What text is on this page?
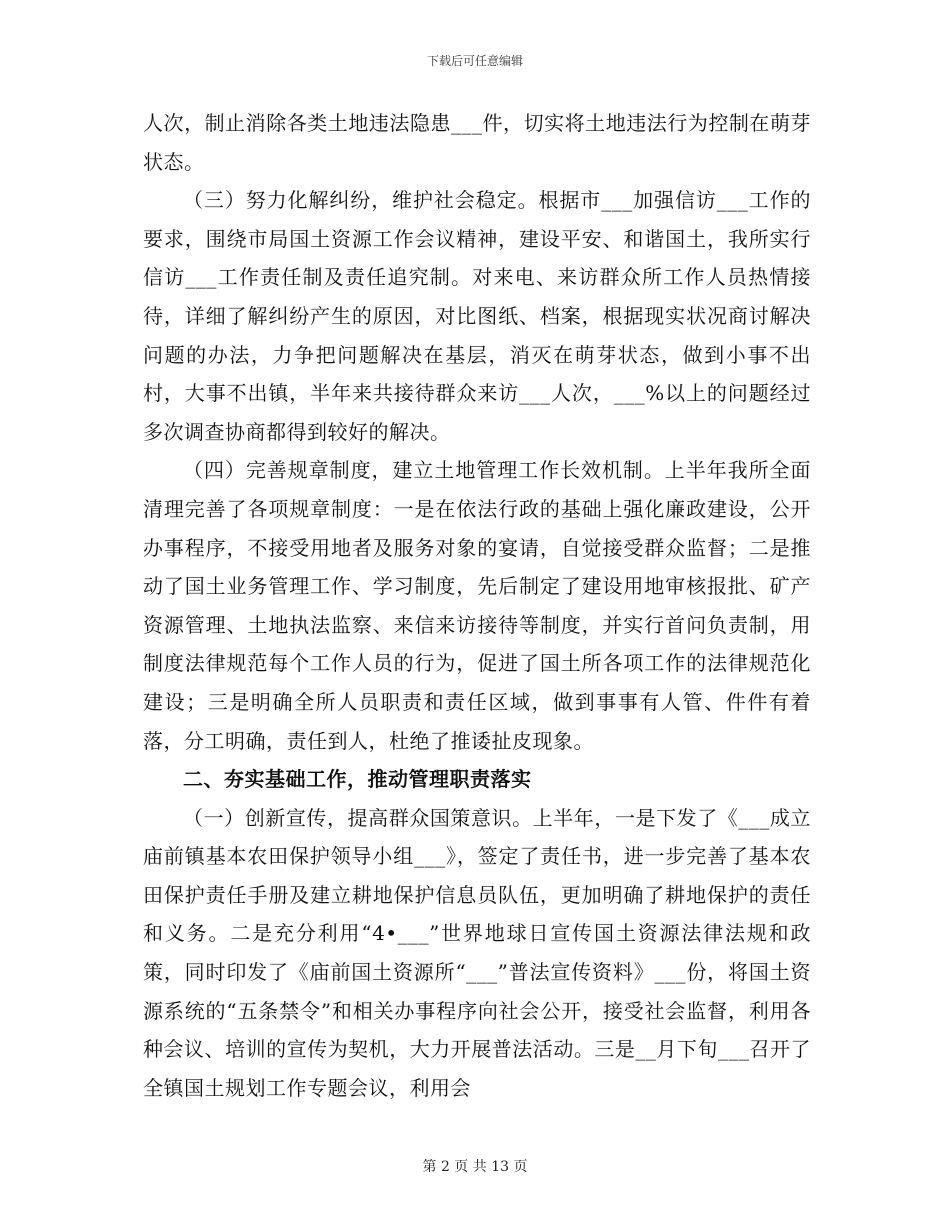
下载后可任意编辑

人次，制止消除各类土地违法隐患___件，切实将土地违法行为控制在萌芽状态。

（三）努力化解纠纷，维护社会稳定。根据市___加强信访___工作的要求，围绕市局国土资源工作会议精神，建设平安、和谐国土，我所实行信访___工作责任制及责任追究制。对来电、来访群众所工作人员热情接待，详细了解纠纷产生的原因，对比图纸、档案，根据现实状况商讨解决问题的办法，力争把问题解决在基层，消灭在萌芽状态，做到小事不出村，大事不出镇，半年来共接待群众来访___人次，___%以上的问题经过多次调查协商都得到较好的解决。

（四）完善规章制度，建立土地管理工作长效机制。上半年我所全面清理完善了各项规章制度：一是在依法行政的基础上强化廉政建设，公开办事程序，不接受用地者及服务对象的宴请，自觉接受群众监督；二是推动了国土业务管理工作、学习制度，先后制定了建设用地审核报批、矿产资源管理、土地执法监察、来信来访接待等制度，并实行首问负责制，用制度法律规范每个工作人员的行为，促进了国土所各项工作的法律规范化建设；三是明确全所人员职责和责任区域，做到事事有人管、件件有着落，分工明确，责任到人，杜绝了推诿扯皮现象。

二、夯实基础工作，推动管理职责落实

（一）创新宣传，提高群众国策意识。上半年，一是下发了《___成立庙前镇基本农田保护领导小组___》，签定了责任书，进一步完善了基本农田保护责任手册及建立耕地保护信息员队伍，更加明确了耕地保护的责任和义务。二是充分利用“4•___”世界地球日宣传国土资源法律法规和政策，同时印发了《庙前国土资源所“___”普法宣传资料》___份，将国土资源系统的“五条禁令”和相关办事程序向社会公开，接受社会监督，利用各种会议、培训的宣传为契机，大力开展普法活动。三是__月下旬___召开了全镇国土规划工作专题会议，利用会

第 2 页 共 13 页
